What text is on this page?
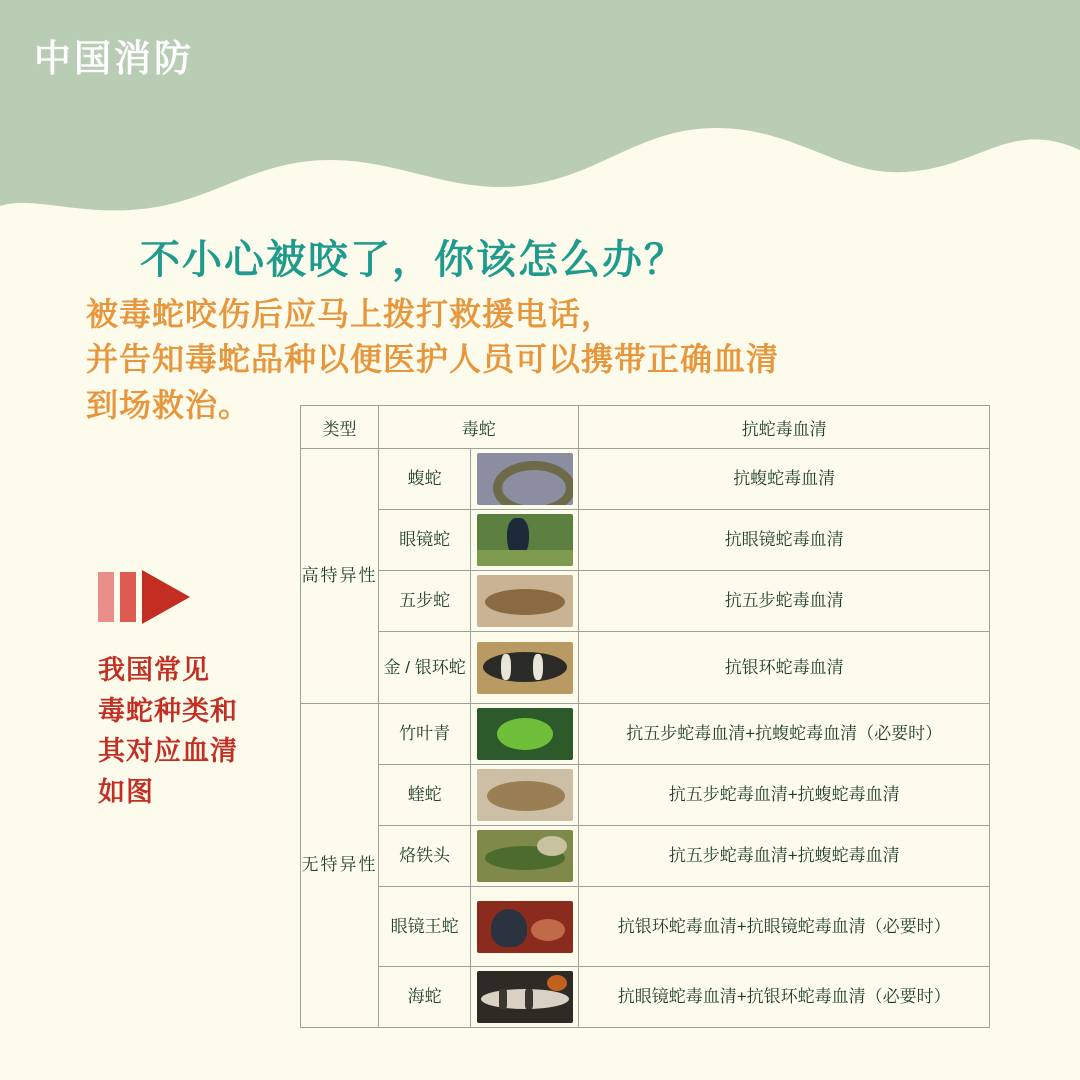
中国消防
不小心被咬了，你该怎么办？
被毒蛇咬伤后应马上拨打救援电话，
并告知毒蛇品种以便医护人员可以携带正确血清
到场救治。
我国常见
毒蛇种类和
其对应血清
如图
类型	毒蛇		抗蛇毒血清
高特异性	蝮蛇		抗蝮蛇毒血清
	眼镜蛇		抗眼镜蛇毒血清
	五步蛇		抗五步蛇毒血清
	金 / 银环蛇		抗银环蛇毒血清
无特异性	竹叶青		抗五步蛇毒血清+抗蝮蛇毒血清（必要时）
	蝰蛇		抗五步蛇毒血清+抗蝮蛇毒血清
	烙铁头		抗五步蛇毒血清+抗蝮蛇毒血清
	眼镜王蛇		抗银环蛇毒血清+抗眼镜蛇毒血清（必要时）
	海蛇		抗眼镜蛇毒血清+抗银环蛇毒血清（必要时）
